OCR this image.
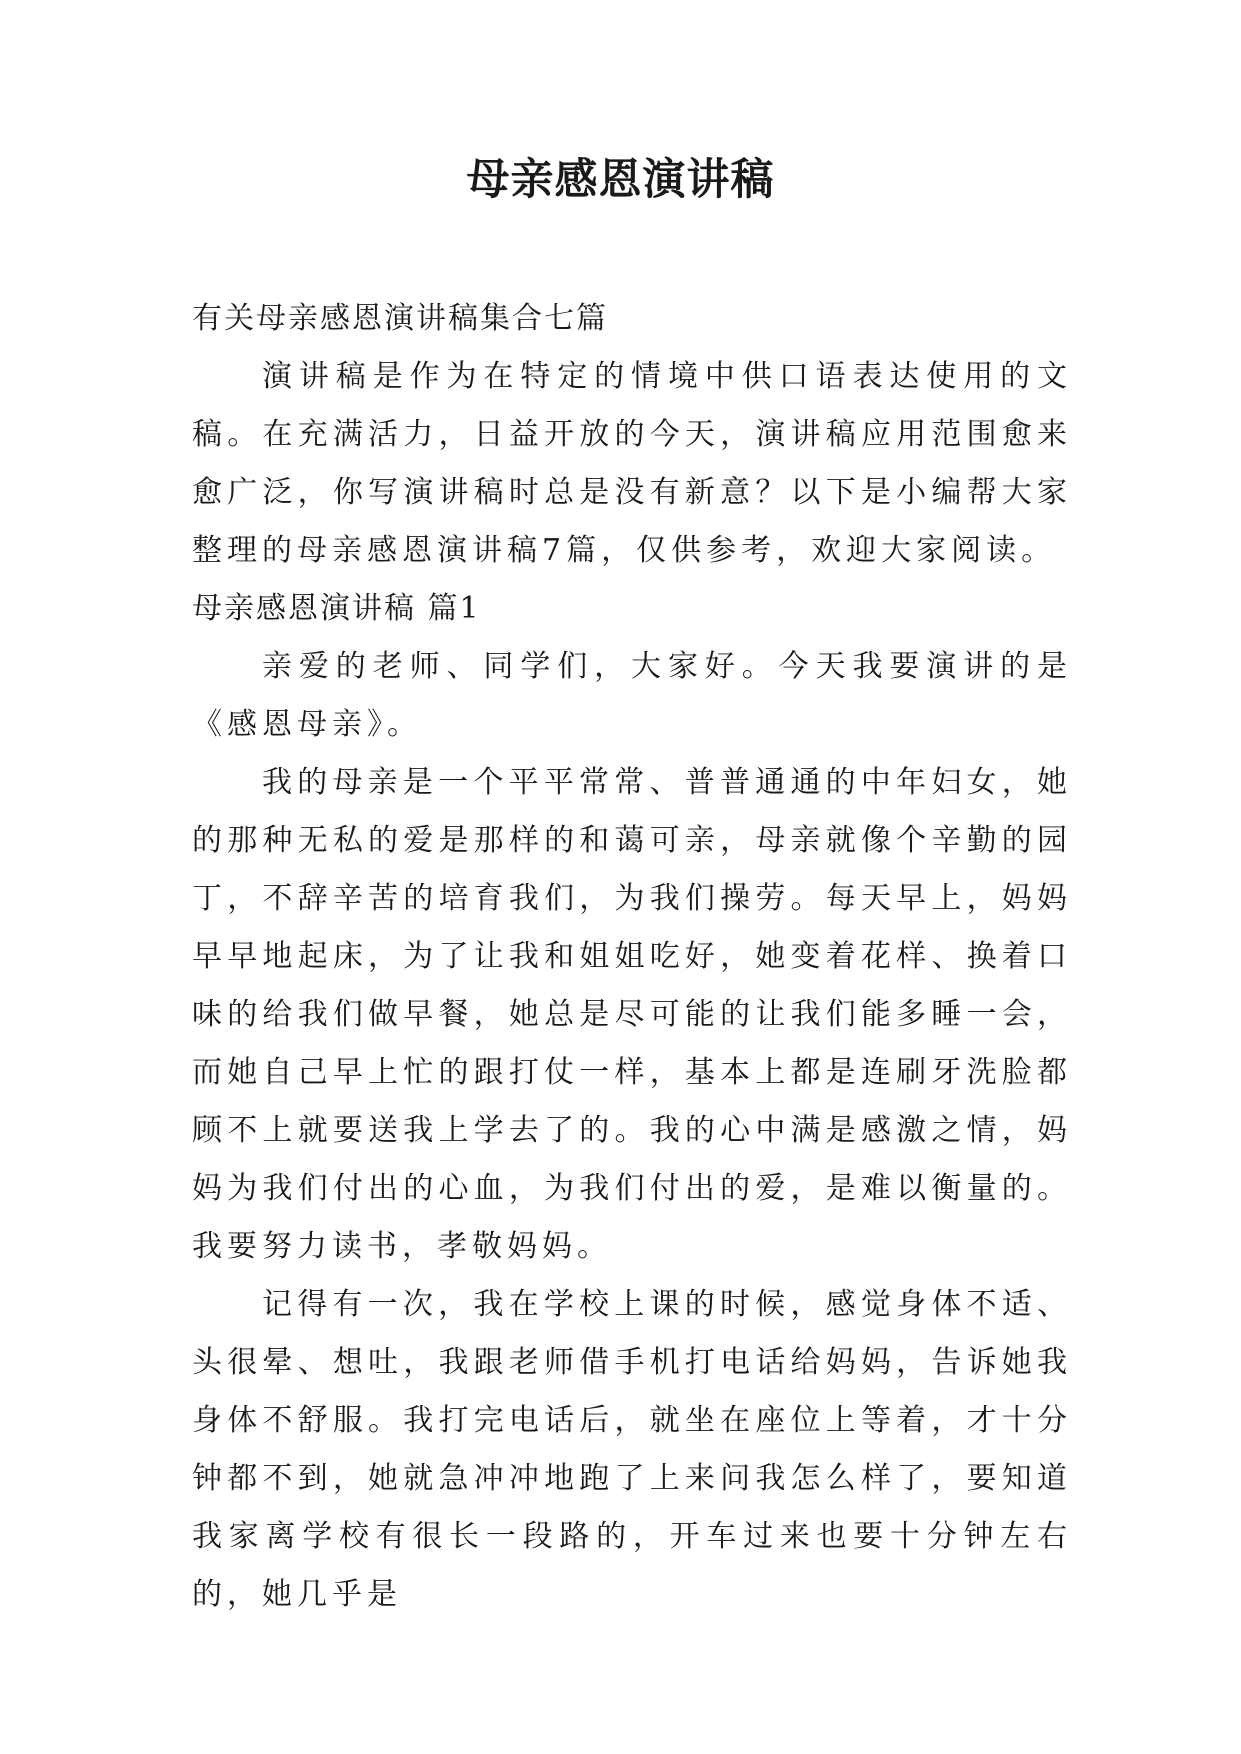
母亲感恩演讲稿

有关母亲感恩演讲稿集合七篇

演讲稿是作为在特定的情境中供口语表达使用的文稿。在充满活力，日益开放的今天，演讲稿应用范围愈来愈广泛，你写演讲稿时总是没有新意？以下是小编帮大家整理的母亲感恩演讲稿7篇，仅供参考，欢迎大家阅读。

母亲感恩演讲稿 篇1

亲爱的老师、同学们，大家好。今天我要演讲的是《感恩母亲》。

我的母亲是一个平平常常、普普通通的中年妇女，她的那种无私的爱是那样的和蔼可亲，母亲就像个辛勤的园丁，不辞辛苦的培育我们，为我们操劳。每天早上，妈妈早早地起床，为了让我和姐姐吃好，她变着花样、换着口味的给我们做早餐，她总是尽可能的让我们能多睡一会，而她自己早上忙的跟打仗一样，基本上都是连刷牙洗脸都顾不上就要送我上学去了的。我的心中满是感激之情，妈妈为我们付出的心血，为我们付出的爱，是难以衡量的。我要努力读书，孝敬妈妈。

记得有一次，我在学校上课的时候，感觉身体不适、头很晕、想吐，我跟老师借手机打电话给妈妈，告诉她我身体不舒服。我打完电话后，就坐在座位上等着，才十分钟都不到，她就急冲冲地跑了上来问我怎么样了，要知道我家离学校有很长一段路的，开车过来也要十分钟左右的，她几乎是
